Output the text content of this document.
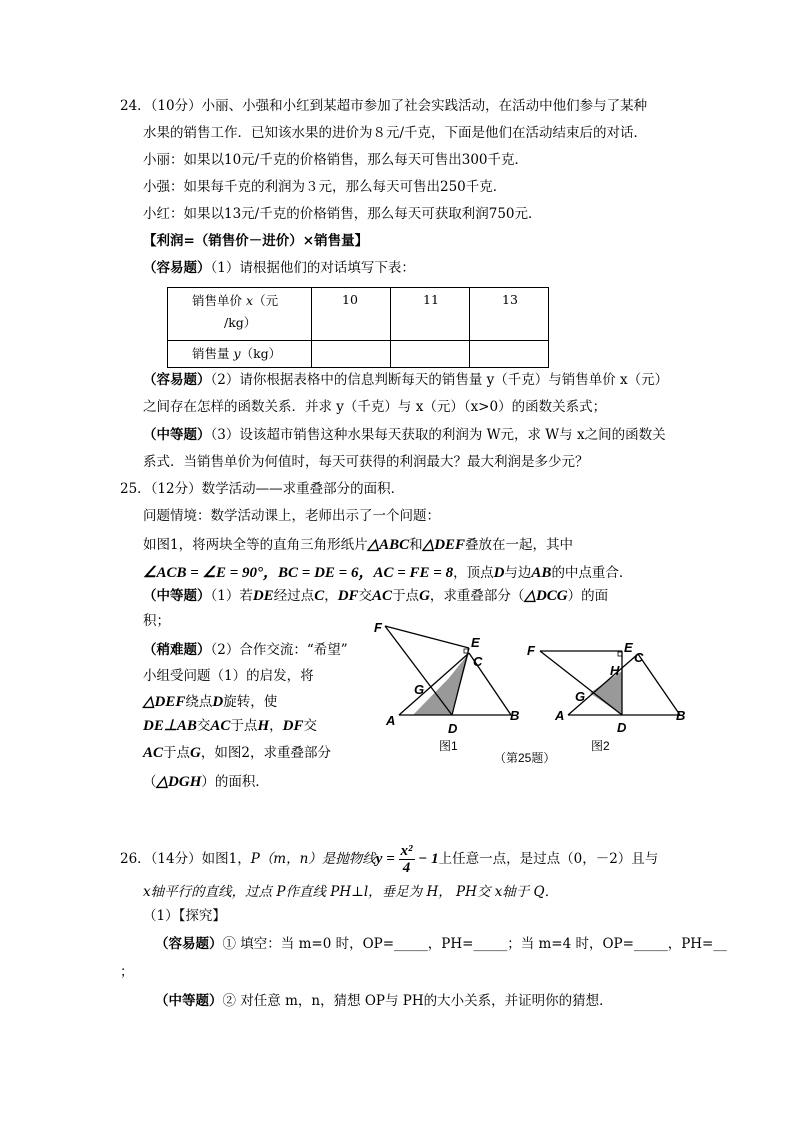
24．（10分）小丽、小强和小红到某超市参加了社会实践活动，在活动中他们参与了某种
水果的销售工作．已知该水果的进价为８元/千克，下面是他们在活动结束后的对话．
小丽：如果以10元/千克的价格销售，那么每天可售出300千克．
小强：如果每千克的利润为３元，那么每天可售出250千克．
小红：如果以13元/千克的价格销售，那么每天可获取利润750元．
【利润=（销售价－进价）×销售量】
（容易题）（1）请根据他们的对话填写下表：
销售单价 x（元
/kg）	10	11	13

销售量 y（kg）			

（容易题）（2）请你根据表格中的信息判断每天的销售量 y（千克）与销售单价 x（元）
之间存在怎样的函数关系．并求 y（千克）与 x（元）（x>0）的函数关系式；
（中等题）（3）设该超市销售这种水果每天获取的利润为 W元，求 W与 x之间的函数关
系式．当销售单价为何值时，每天可获得的利润最大？最大利润是多少元？
25．（12分）数学活动——求重叠部分的面积．
问题情境：数学活动课上，老师出示了一个问题：
如图1，将两块全等的直角三角形纸片△ABC和△DEF叠放在一起，其中
∠ACB = ∠E = 90°，BC = DE = 6，AC = FE = 8，顶点D与边AB的中点重合．
（中等题）（1）若DE经过点C，DF交AC于点G，求重叠部分（△DCG）的面
积；
（稍难题）（2）合作交流：“希望”
小组受问题（1）的启发，将
△DEF绕点D旋转，使
DE⊥AB交AC于点H，DF交
AC于点G，如图2，求重叠部分
（△DGH）的面积．
F
E
C
G
A
D
B
图1
F	E
C
H
G
A
D
B
图2
（第25题）
26．（14分）如图1，P（m，n）是抛物线$y = \frac{\text{x²}}{4} - 1$上任意一点，是过点（0，－2）且与
x轴平行的直线，过点 P作直线 PH⊥l，垂足为 H， PH交 x轴于 Q．
（1）【探究】
（容易题）① 填空：当 m=0 时，OP=_____，PH=_____；当 m=4 时，OP=_____，PH=__
；
（中等题）② 对任意 m，n，猜想 OP与 PH的大小关系，并证明你的猜想．
